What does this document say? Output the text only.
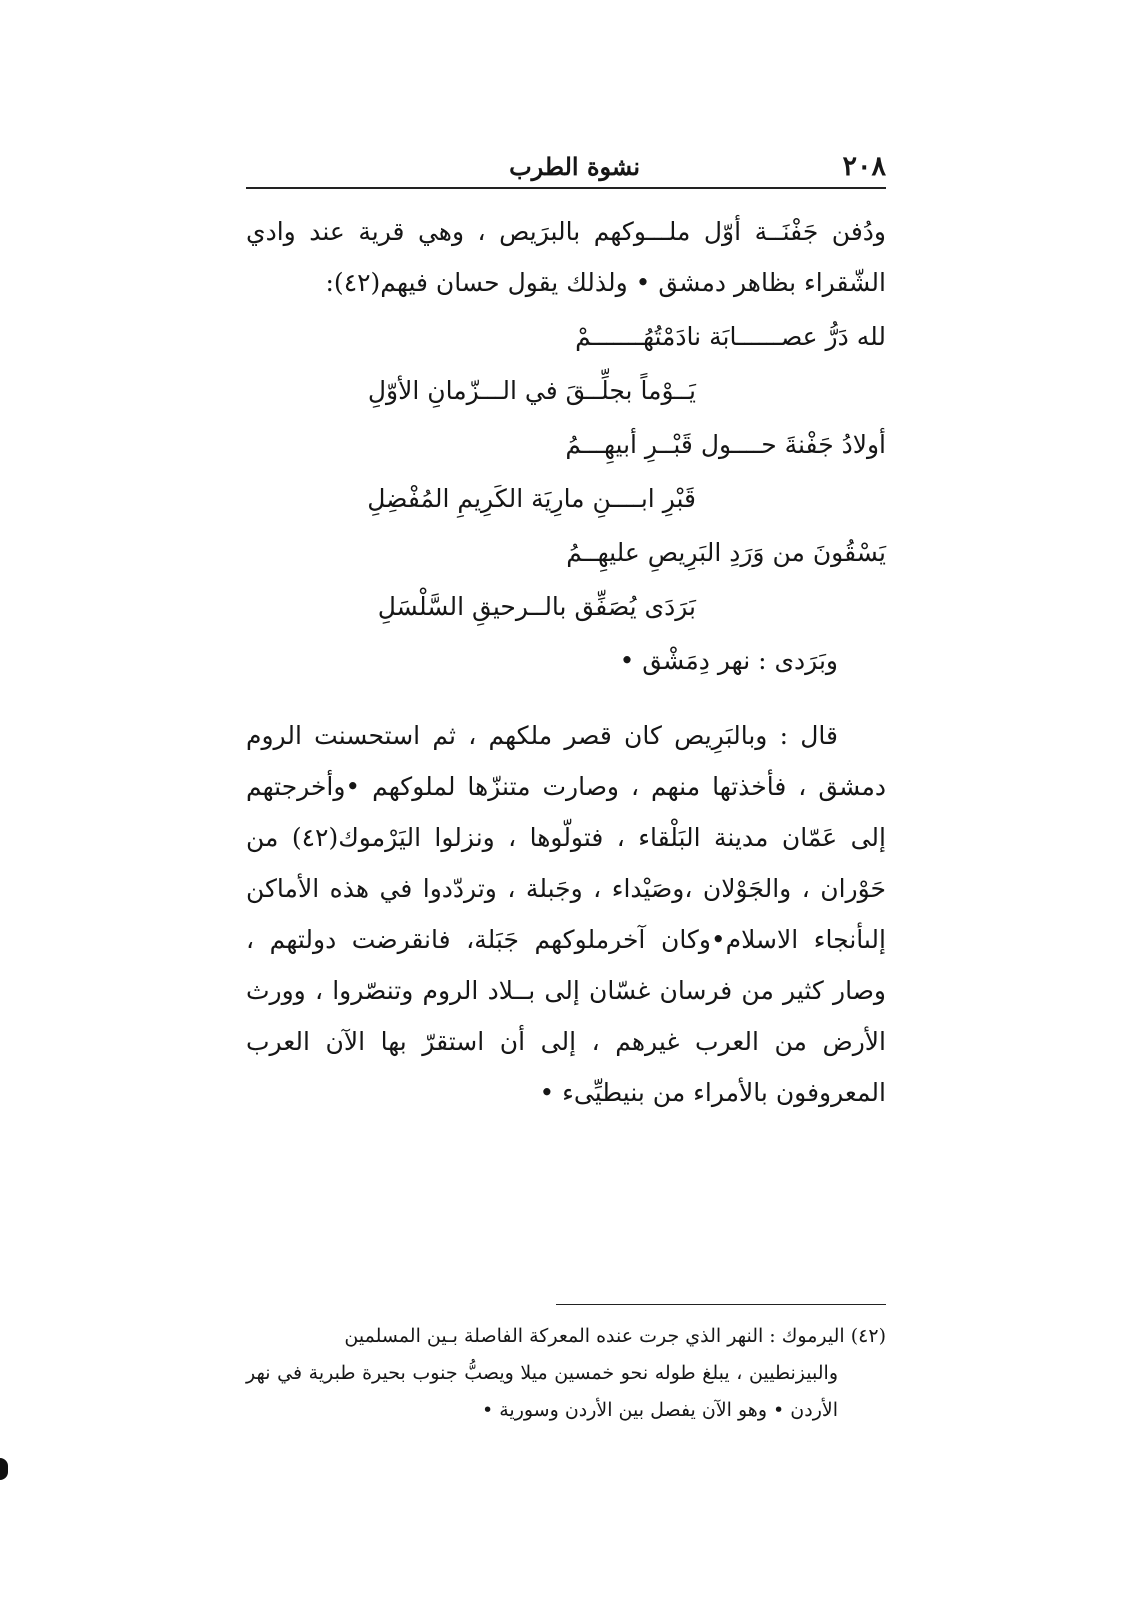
٢٠٨
نشوة الطرب

ودُفن جَفْنَــة أوّل ملـــوكهم بالبرَيص ، وهي قرية عند وادي الشّقراء بظاهر دمشق • ولذلك يقول حسان فيهم(٤٢):

لله دَرُّ عصــــــابَة نادَمْتُهُـــــــمْ
يَــوْماً بجلِّــقَ في الـــزّمانِ الأوّلِ
أولادُ جَفْنةَ حــــول قَبْــرِ أبيهِـــمُ
قَبْرِ ابــــنِ مارِيَة الكَرِيمِ المُفْضِلِ
يَسْقُونَ من وَرَدِ البَرِيصِ عليهِــمُ
بَرَدَى يُصَفِّق بالــرحيقِ السَّلْسَلِ
وبَرَدى : نهر دِمَشْق •

قال : وبالبَرِيص كان قصر ملكهم ، ثم استحسنت الروم دمشق ، فأخذتها منهم ، وصارت متنزّها لملوكهم •وأخرجتهم إلى عَمّان مدينة البَلْقاء ، فتولّوها ، ونزلوا اليَرْموك(٤٢) من حَوْران ، والجَوْلان ،وصَيْداء ، وجَبلة ، وتردّدوا في هذه الأماكن إلىأنجاء الاسلام•وكان آخرملوكهم جَبَلة، فانقرضت دولتهم ، وصار كثير من فرسان غسّان إلى بــلاد الروم وتنصّروا ، وورث الأرض من العرب غيرهم ، إلى أن استقرّ بها الآن العرب المعروفون بالأمراء من بنيطيِّىء •

(٤٢) اليرموك : النهر الذي جرت عنده المعركة الفاصلة بـين المسلمين

والبيزنطيين ، يبلغ طوله نحو خمسين ميلا ويصبُّ جنوب بحيرة طبرية في نهر الأردن • وهو الآن يفصل بين الأردن وسورية •
